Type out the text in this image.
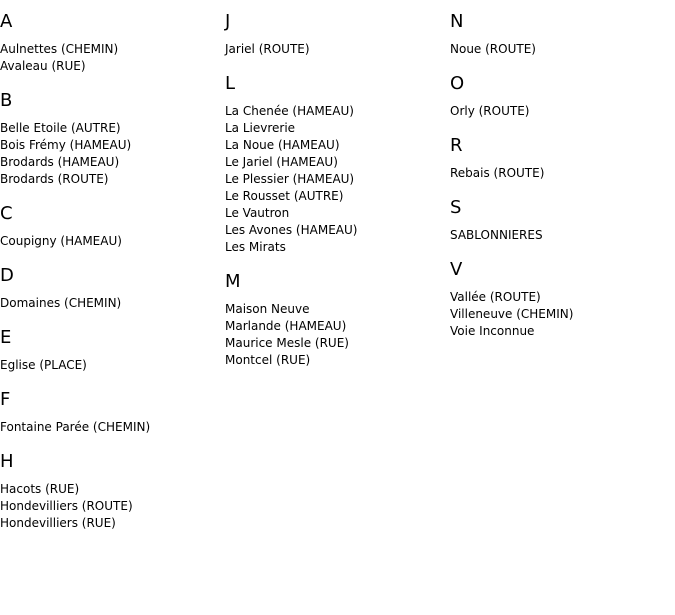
A
Aulnettes (CHEMIN)
Avaleau (RUE)
B
Belle Etoile (AUTRE)
Bois Frémy (HAMEAU)
Brodards (HAMEAU)
Brodards (ROUTE)
C
Coupigny (HAMEAU)
D
Domaines (CHEMIN)
E
Eglise (PLACE)
F
Fontaine Parée (CHEMIN)
H
Hacots (RUE)
Hondevilliers (ROUTE)
Hondevilliers (RUE)
J
Jariel (ROUTE)
L
La Chenée (HAMEAU)
La Lievrerie
La Noue (HAMEAU)
Le Jariel (HAMEAU)
Le Plessier (HAMEAU)
Le Rousset (AUTRE)
Le Vautron
Les Avones (HAMEAU)
Les Mirats
M
Maison Neuve
Marlande (HAMEAU)
Maurice Mesle (RUE)
Montcel (RUE)
N
Noue (ROUTE)
O
Orly (ROUTE)
R
Rebais (ROUTE)
S
SABLONNIERES
V
Vallée (ROUTE)
Villeneuve (CHEMIN)
Voie Inconnue
